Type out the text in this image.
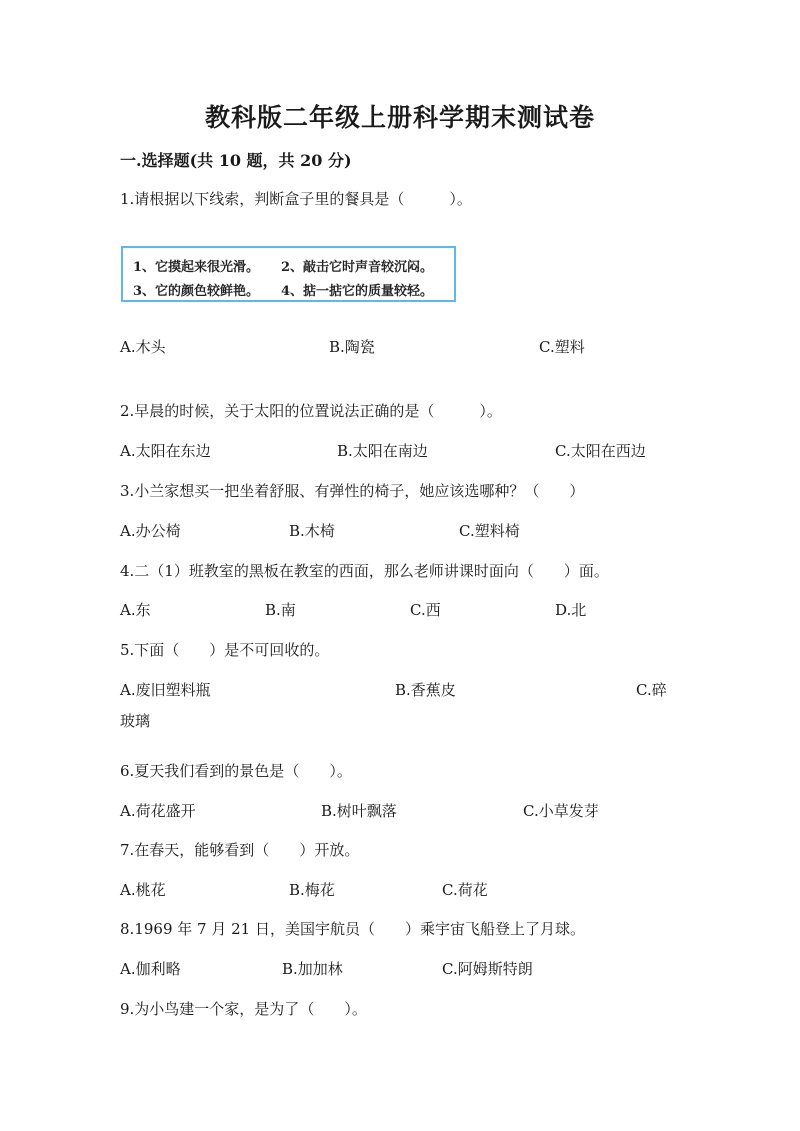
教科版二年级上册科学期末测试卷
一.选择题(共 10 题，共 20 分)
1.请根据以下线索，判断盒子里的餐具是（　　　）。
1、它摸起来很光滑。 2、敲击它时声音较沉闷。
3、它的颜色较鲜艳。 4、掂一掂它的质量较轻。
A.木头	B.陶瓷	C.塑料
2.早晨的时候，关于太阳的位置说法正确的是（　　　）。
A.太阳在东边	B.太阳在南边	C.太阳在西边
3.小兰家想买一把坐着舒服、有弹性的椅子，她应该选哪种？（　　）
A.办公椅	B.木椅	C.塑料椅
4.二（1）班教室的黑板在教室的西面，那么老师讲课时面向（　　）面。
A.东	B.南	C.西	D.北
5.下面（　　）是不可回收的。
A.废旧塑料瓶	B.香蕉皮	C.碎
玻璃
6.夏天我们看到的景色是（　　）。
A.荷花盛开	B.树叶飘落	C.小草发芽
7.在春天，能够看到（　　）开放。
A.桃花	B.梅花	C.荷花
8.1969 年 7 月 21 日，美国宇航员（　　）乘宇宙飞船登上了月球。
A.伽利略	B.加加林	C.阿姆斯特朗
9.为小鸟建一个家，是为了（　　）。
